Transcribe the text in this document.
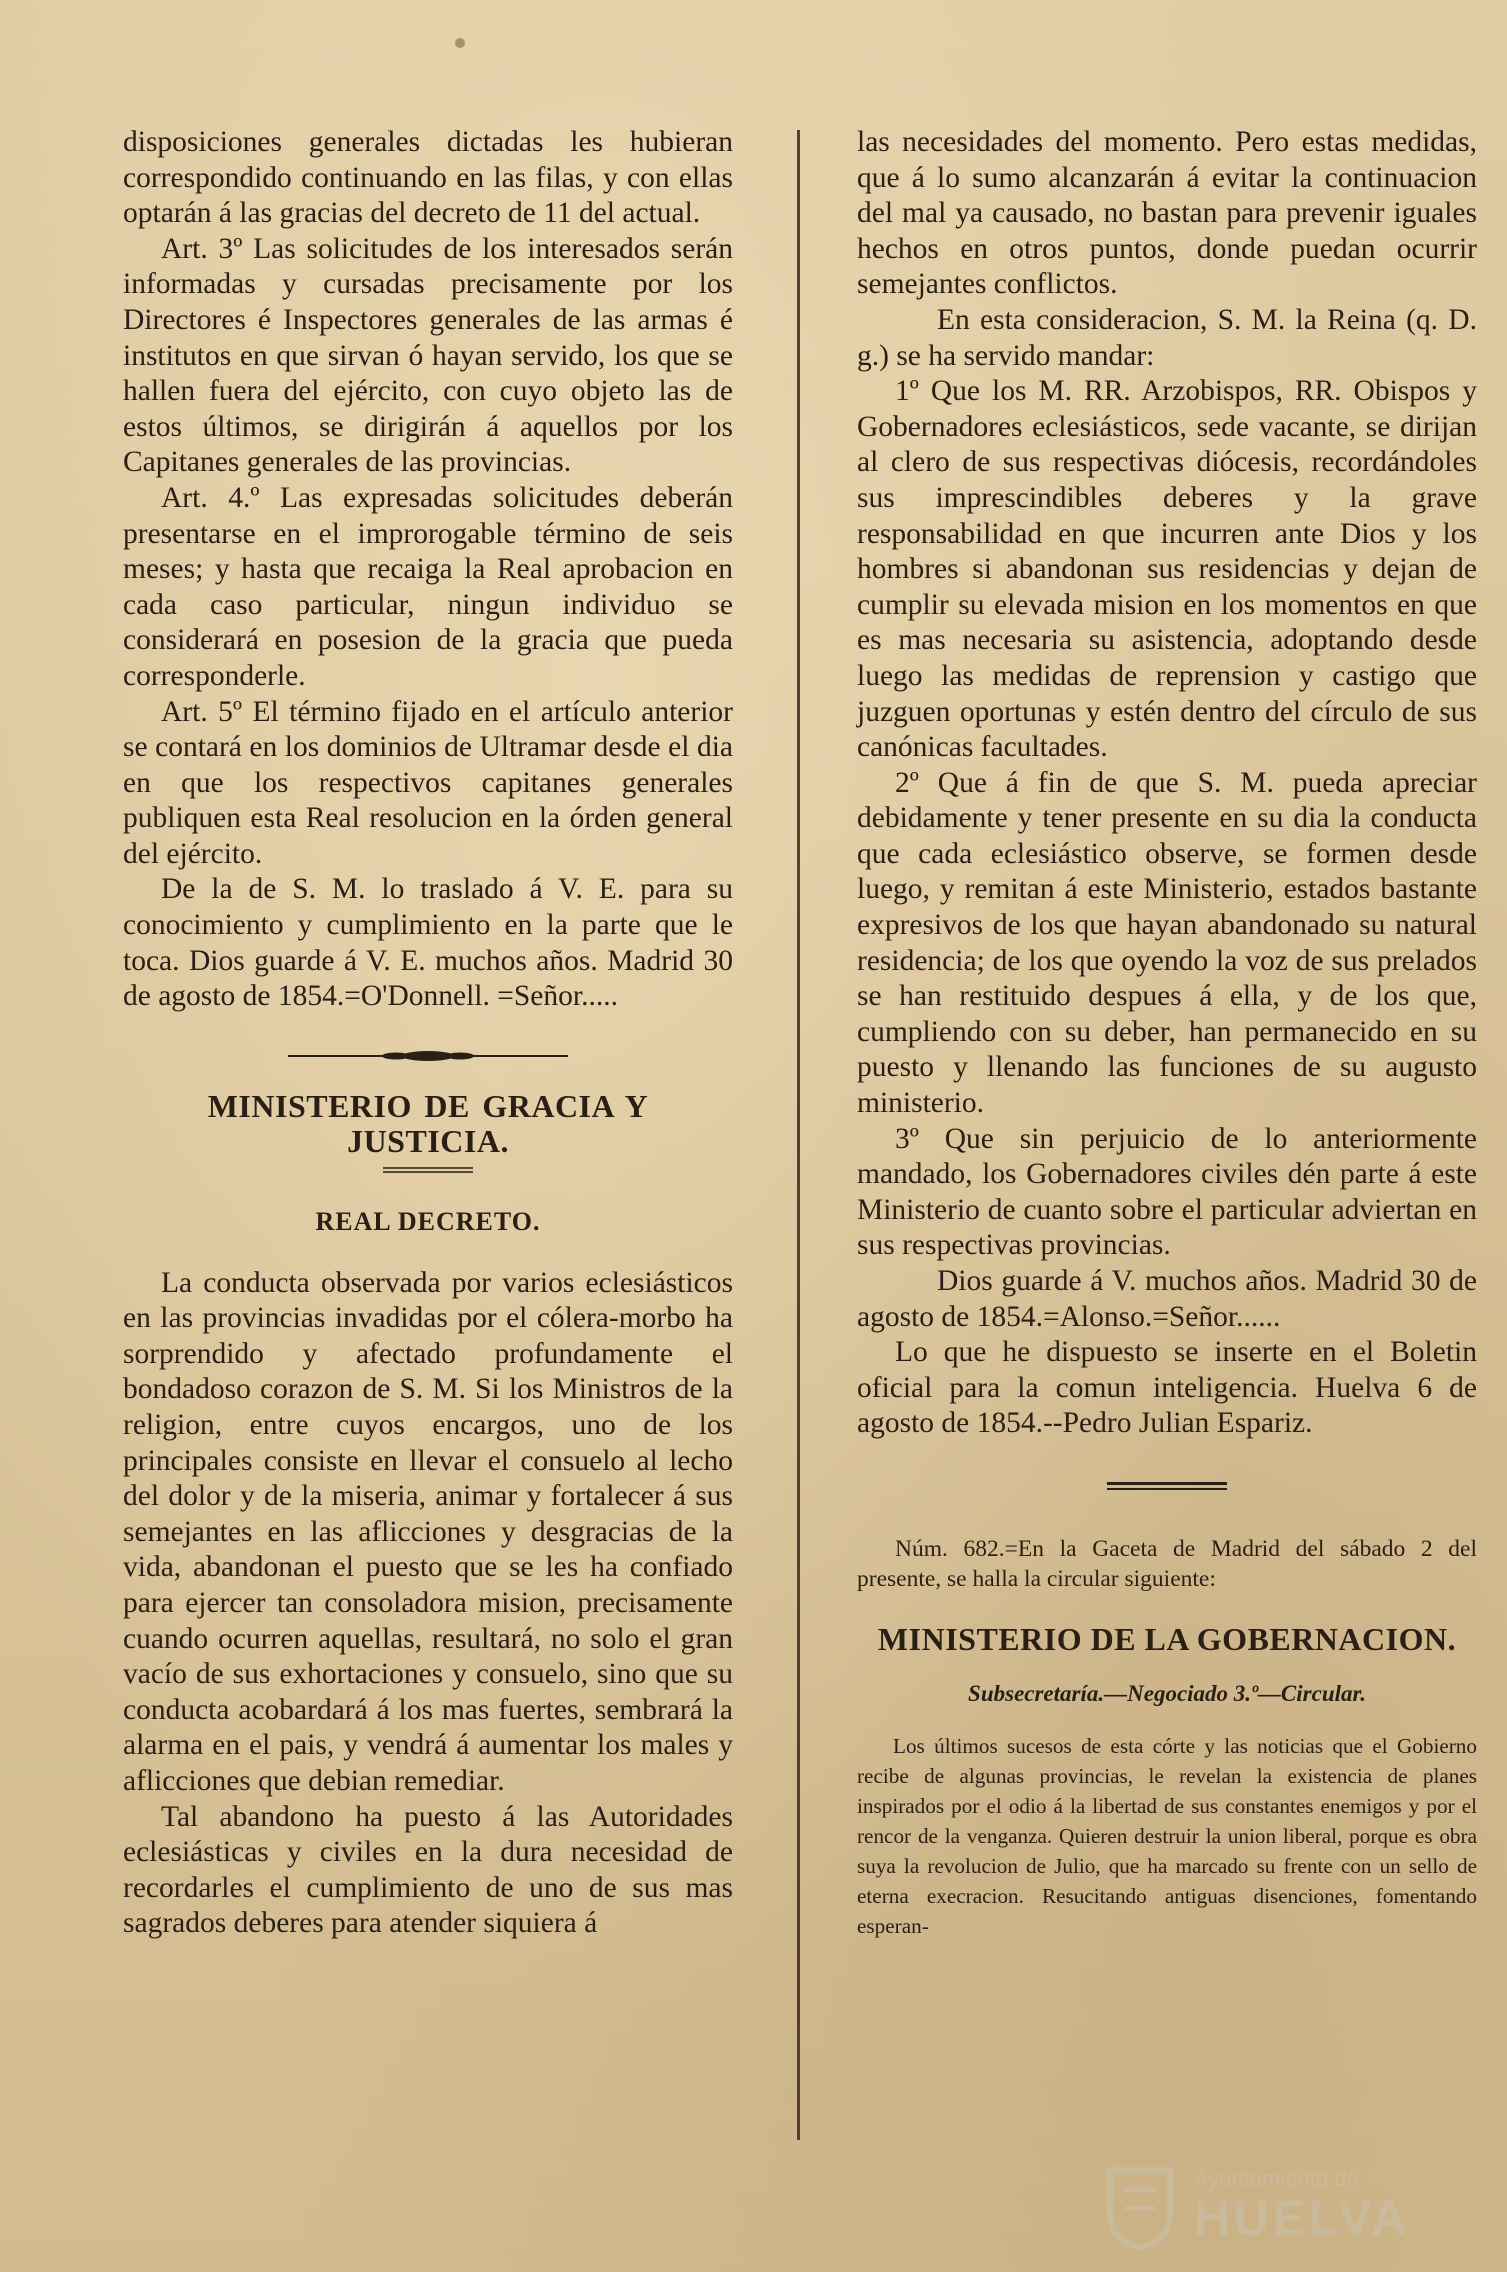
disposiciones generales dictadas les hubieran correspondido continuando en las filas, y con ellas optarán á las gracias del decreto de 11 del actual.

Art. 3º Las solicitudes de los interesados serán informadas y cursadas precisamente por los Directores é Inspectores generales de las armas é institutos en que sirvan ó hayan servido, los que se hallen fuera del ejército, con cuyo objeto las de estos últimos, se dirigirán á aquellos por los Capitanes generales de las provincias.

Art. 4.º Las expresadas solicitudes deberán presentarse en el improrogable término de seis meses; y hasta que recaiga la Real aprobacion en cada caso particular, ningun individuo se considerará en posesion de la gracia que pueda corresponderle.

Art. 5º El término fijado en el artículo anterior se contará en los dominios de Ultramar desde el dia en que los respectivos capitanes generales publiquen esta Real resolucion en la órden general del ejército.

De la de S. M. lo traslado á V. E. para su conocimiento y cumplimiento en la parte que le toca. Dios guarde á V. E. muchos años. Madrid 30 de agosto de 1854.=O'Donnell. =Señor.....

MINISTERIO DE GRACIA Y JUSTICIA.
REAL DECRETO.

La conducta observada por varios eclesiásticos en las provincias invadidas por el cólera-morbo ha sorprendido y afectado profundamente el bondadoso corazon de S. M. Si los Ministros de la religion, entre cuyos encargos, uno de los principales consiste en llevar el consuelo al lecho del dolor y de la miseria, animar y fortalecer á sus semejantes en las aflicciones y desgracias de la vida, abandonan el puesto que se les ha confiado para ejercer tan consoladora mision, precisamente cuando ocurren aquellas, resultará, no solo el gran vacío de sus exhortaciones y consuelo, sino que su conducta acobardará á los mas fuertes, sembrará la alarma en el pais, y vendrá á aumentar los males y aflicciones que debian remediar.

Tal abandono ha puesto á las Autoridades eclesiásticas y civiles en la dura necesidad de recordarles el cumplimiento de uno de sus mas sagrados deberes para atender siquiera á

las necesidades del momento. Pero estas medidas, que á lo sumo alcanzarán á evitar la continuacion del mal ya causado, no bastan para prevenir iguales hechos en otros puntos, donde puedan ocurrir semejantes conflictos.

En esta consideracion, S. M. la Reina (q. D. g.) se ha servido mandar:

1º Que los M. RR. Arzobispos, RR. Obispos y Gobernadores eclesiásticos, sede vacante, se dirijan al clero de sus respectivas diócesis, recordándoles sus imprescindibles deberes y la grave responsabilidad en que incurren ante Dios y los hombres si abandonan sus residencias y dejan de cumplir su elevada mision en los momentos en que es mas necesaria su asistencia, adoptando desde luego las medidas de reprension y castigo que juzguen oportunas y estén dentro del círculo de sus canónicas facultades.

2º Que á fin de que S. M. pueda apreciar debidamente y tener presente en su dia la conducta que cada eclesiástico observe, se formen desde luego, y remitan á este Ministerio, estados bastante expresivos de los que hayan abandonado su natural residencia; de los que oyendo la voz de sus prelados se han restituido despues á ella, y de los que, cumpliendo con su deber, han permanecido en su puesto y llenando las funciones de su augusto ministerio.

3º Que sin perjuicio de lo anteriormente mandado, los Gobernadores civiles dén parte á este Ministerio de cuanto sobre el particular adviertan en sus respectivas provincias.

Dios guarde á V. muchos años. Madrid 30 de agosto de 1854.=Alonso.=Señor......

Lo que he dispuesto se inserte en el Boletin oficial para la comun inteligencia. Huelva 6 de agosto de 1854.--Pedro Julian Espariz.

Núm. 682.=En la Gaceta de Madrid del sábado 2 del presente, se halla la circular siguiente:

MINISTERIO DE LA GOBERNACION.
Subsecretaría.—Negociado 3.º—Circular.

Los últimos sucesos de esta córte y las noticias que el Gobierno recibe de algunas provincias, le revelan la existencia de planes inspirados por el odio á la libertad de sus constantes enemigos y por el rencor de la venganza. Quieren destruir la union liberal, porque es obra suya la revolucion de Julio, que ha marcado su frente con un sello de eterna execracion. Resucitando antiguas disenciones, fomentando esperan-

Ayuntamiento de
HUELVA
